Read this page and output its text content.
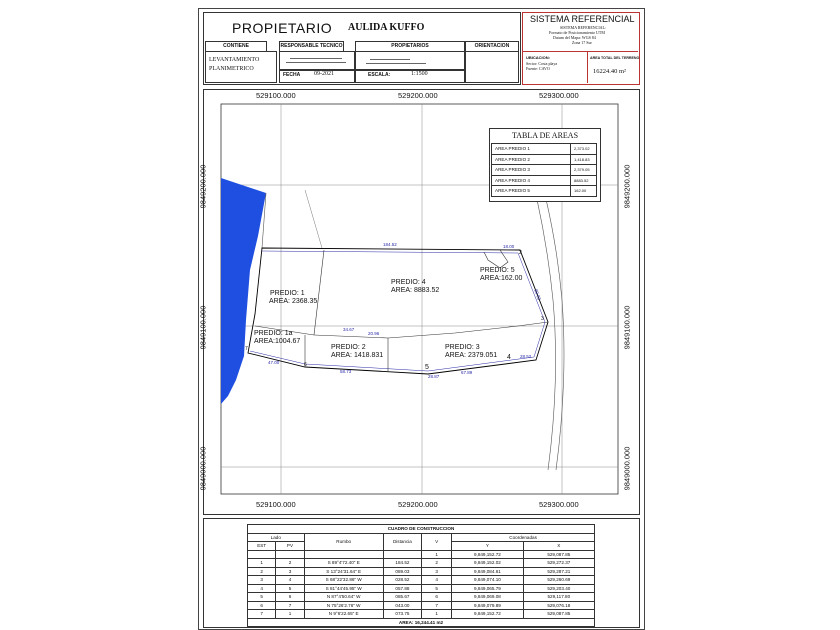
PROPIETARIO AULIDA KUFFO
CONTIENE	RESPONSABLE TECNICO	PROPIETARIOS	ORIENTACION
LEVANTAMIENTO PLANIMETRICO
FECHA 09-2021	ESCALA:	1:1500
SISTEMA REFERENCIAL
SISTEMA REFERENCIAL:
Formato de Posicionamiento UTM
Datum del Mapa: WGS 84
Zona 17 Sur
UBICACION:
Sector: Costa playa
Fuente: CAVO
AREA TOTAL DEL TERRENO
16224.40 m²
529100.000	529200.000	529300.000
529100.000	529200.000	529300.000
9849200.000
9849100.000
9849000.000
9849200.000
9849100.000
9849000.000
PREDIO: 1
AREA: 2368.35
PREDIO: 1a
AREA:1004.67
PREDIO: 2
AREA: 1418.831
PREDIO: 3
AREA: 2379.051
PREDIO: 4
AREA: 8883.52
PREDIO: 5
AREA:162.00
184.52	18.00
89.03
34.67
20.96
47.00
58.73
28.87
67.89
28.52
2
3
4
5
6
7
TABLA DE AREAS
AREA PREDIO 1	2,373.02
AREA PREDIO 2	1,418.83
AREA PREDIO 3	2,379.05
AREA PREDIO 4	8883.52
AREA PREDIO 5	162.00
CUADRO DE CONSTRUCCION						
Lado		Rumbo	Distancia	V	Coordenadas	
EST	PV				Y	X
				1	9,849,152.72	529,087.85
1	2	S 89°4'72.40" E	184.52	2	9,849,152.02	529,272.37
2	3	S 13°24'31.64" E	089.03	3	9,849,084.61	529,287.21
3	4	S 68°22'32.86" W	028.52	4	9,849,074.10	529,260.69
4	5	S 81°44'45.95" W	057.88	5	9,849,065.79	529,203.40
5	6	N 87°4'50.64" W	085.67	6	9,849,069.08	529,117.80
6	7	N 75°26'2.76" W	043.00	7	9,849,079.89	529,076.18
7	1	N 9°6'22.65" E	073.75	1	9,849,152.72	529,087.85
AREA: 16,244.41 m2						
